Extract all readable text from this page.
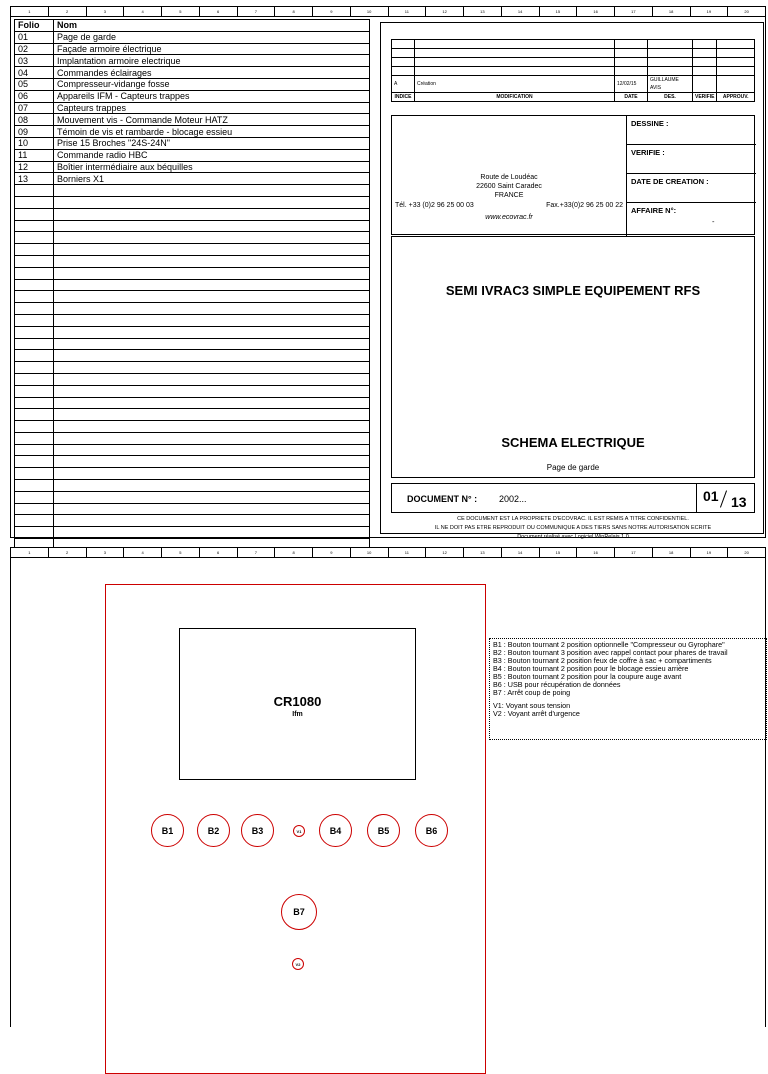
1	2	3	4	5	6	7	8	9	10	11	12	13	14	15	16	17	18	19	20
Folio	Nom
01	Page de garde
02	Façade armoire électrique
03	Implantation armoire electrique
04	Commandes éclairages
05	Compresseur-vidange fosse
06	Appareils IFM - Capteurs trappes
07	Capteurs trappes
08	Mouvement vis - Commande Moteur HATZ
09	Témoin de vis et rambarde - blocage essieu
10	Prise 15 Broches "24S-24N"
11	Commande radio HBC
12	Boîtier intermédiaire aux béquilles
13	Borniers X1

A	Création	12/02/15	GUILLAUME AVIS		
INDICE	MODIFICATION	DATE	DES.	VERIFIE	APPROUV.
Route de Loudéac
22600 Saint Caradec
FRANCE
Tél. +33 (0)2 96 25 00 03	Fax.+33(0)2 96 25 00 22
www.ecovrac.fr
DESSINE :
VERIFIE :
DATE DE CREATION :
AFFAIRE N°:
-
SEMI IVRAC3 SIMPLE EQUIPEMENT RFS
SCHEMA ELECTRIQUE
Page de garde
DOCUMENT N° : 2002...	01 13
CE DOCUMENT EST LA PROPRIETE D'ECOVRAC. IL EST REMIS A TITRE CONFIDENTIEL.
IL NE DOIT PAS ETRE REPRODUIT OU COMMUNIQUE A DES TIERS SANS NOTRE AUTORISATION ECRITE
Document réalisé avec Logiciel WinRelais 1.0
1	2	3	4	5	6	7	8	9	10	11	12	13	14	15	16	17	18	19	20
CR1080
Ifm
B1	B2	B3	V1	B4	B5	B6
B7
V2
B1 : Bouton tournant 2 position optionnelle "Compresseur ou Gyrophare"
B2 : Bouton tournant 3 position avec rappel contact pour phares de travail
B3 : Bouton tournant 2 position feux de coffre à sac + compartiments
B4 : Bouton tournant 2 position pour le blocage essieu arrière
B5 : Bouton tournant 2 position pour la coupure auge avant
B6 : USB pour récupération de données
B7 : Arrêt coup de poing
V1: Voyant sous tension
V2 : Voyant arrêt d'urgence
